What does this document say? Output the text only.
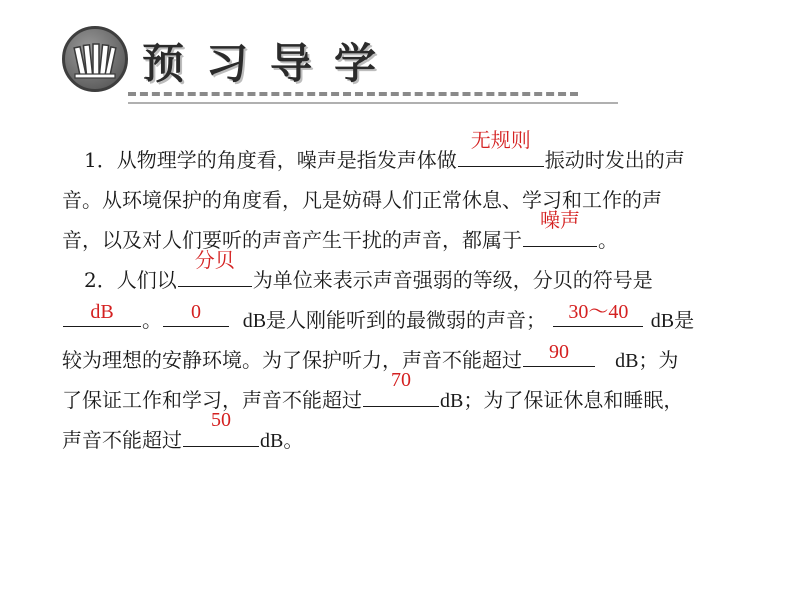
预 习 导 学
1．从物理学的角度看，噪声是指发声体做
无规则
振动时发出的声
音。从环境保护的角度看，凡是妨碍人们正常休息、学习和工作的声
音，以及对人们要听的声音产生干扰的声音，都属于
噪声
。
2．人们以
分贝
为单位来表示声音强弱的等级，分贝的符号是
dB	。	0	dB是人刚能听到的最微弱的声音；	30～40	dB是
较为理想的安静环境。为了保护听力，声音不能超过	90	dB；为
了保证工作和学习，声音不能超过
70
dB；为了保证休息和睡眠，
声音不能超过
50
dB。
